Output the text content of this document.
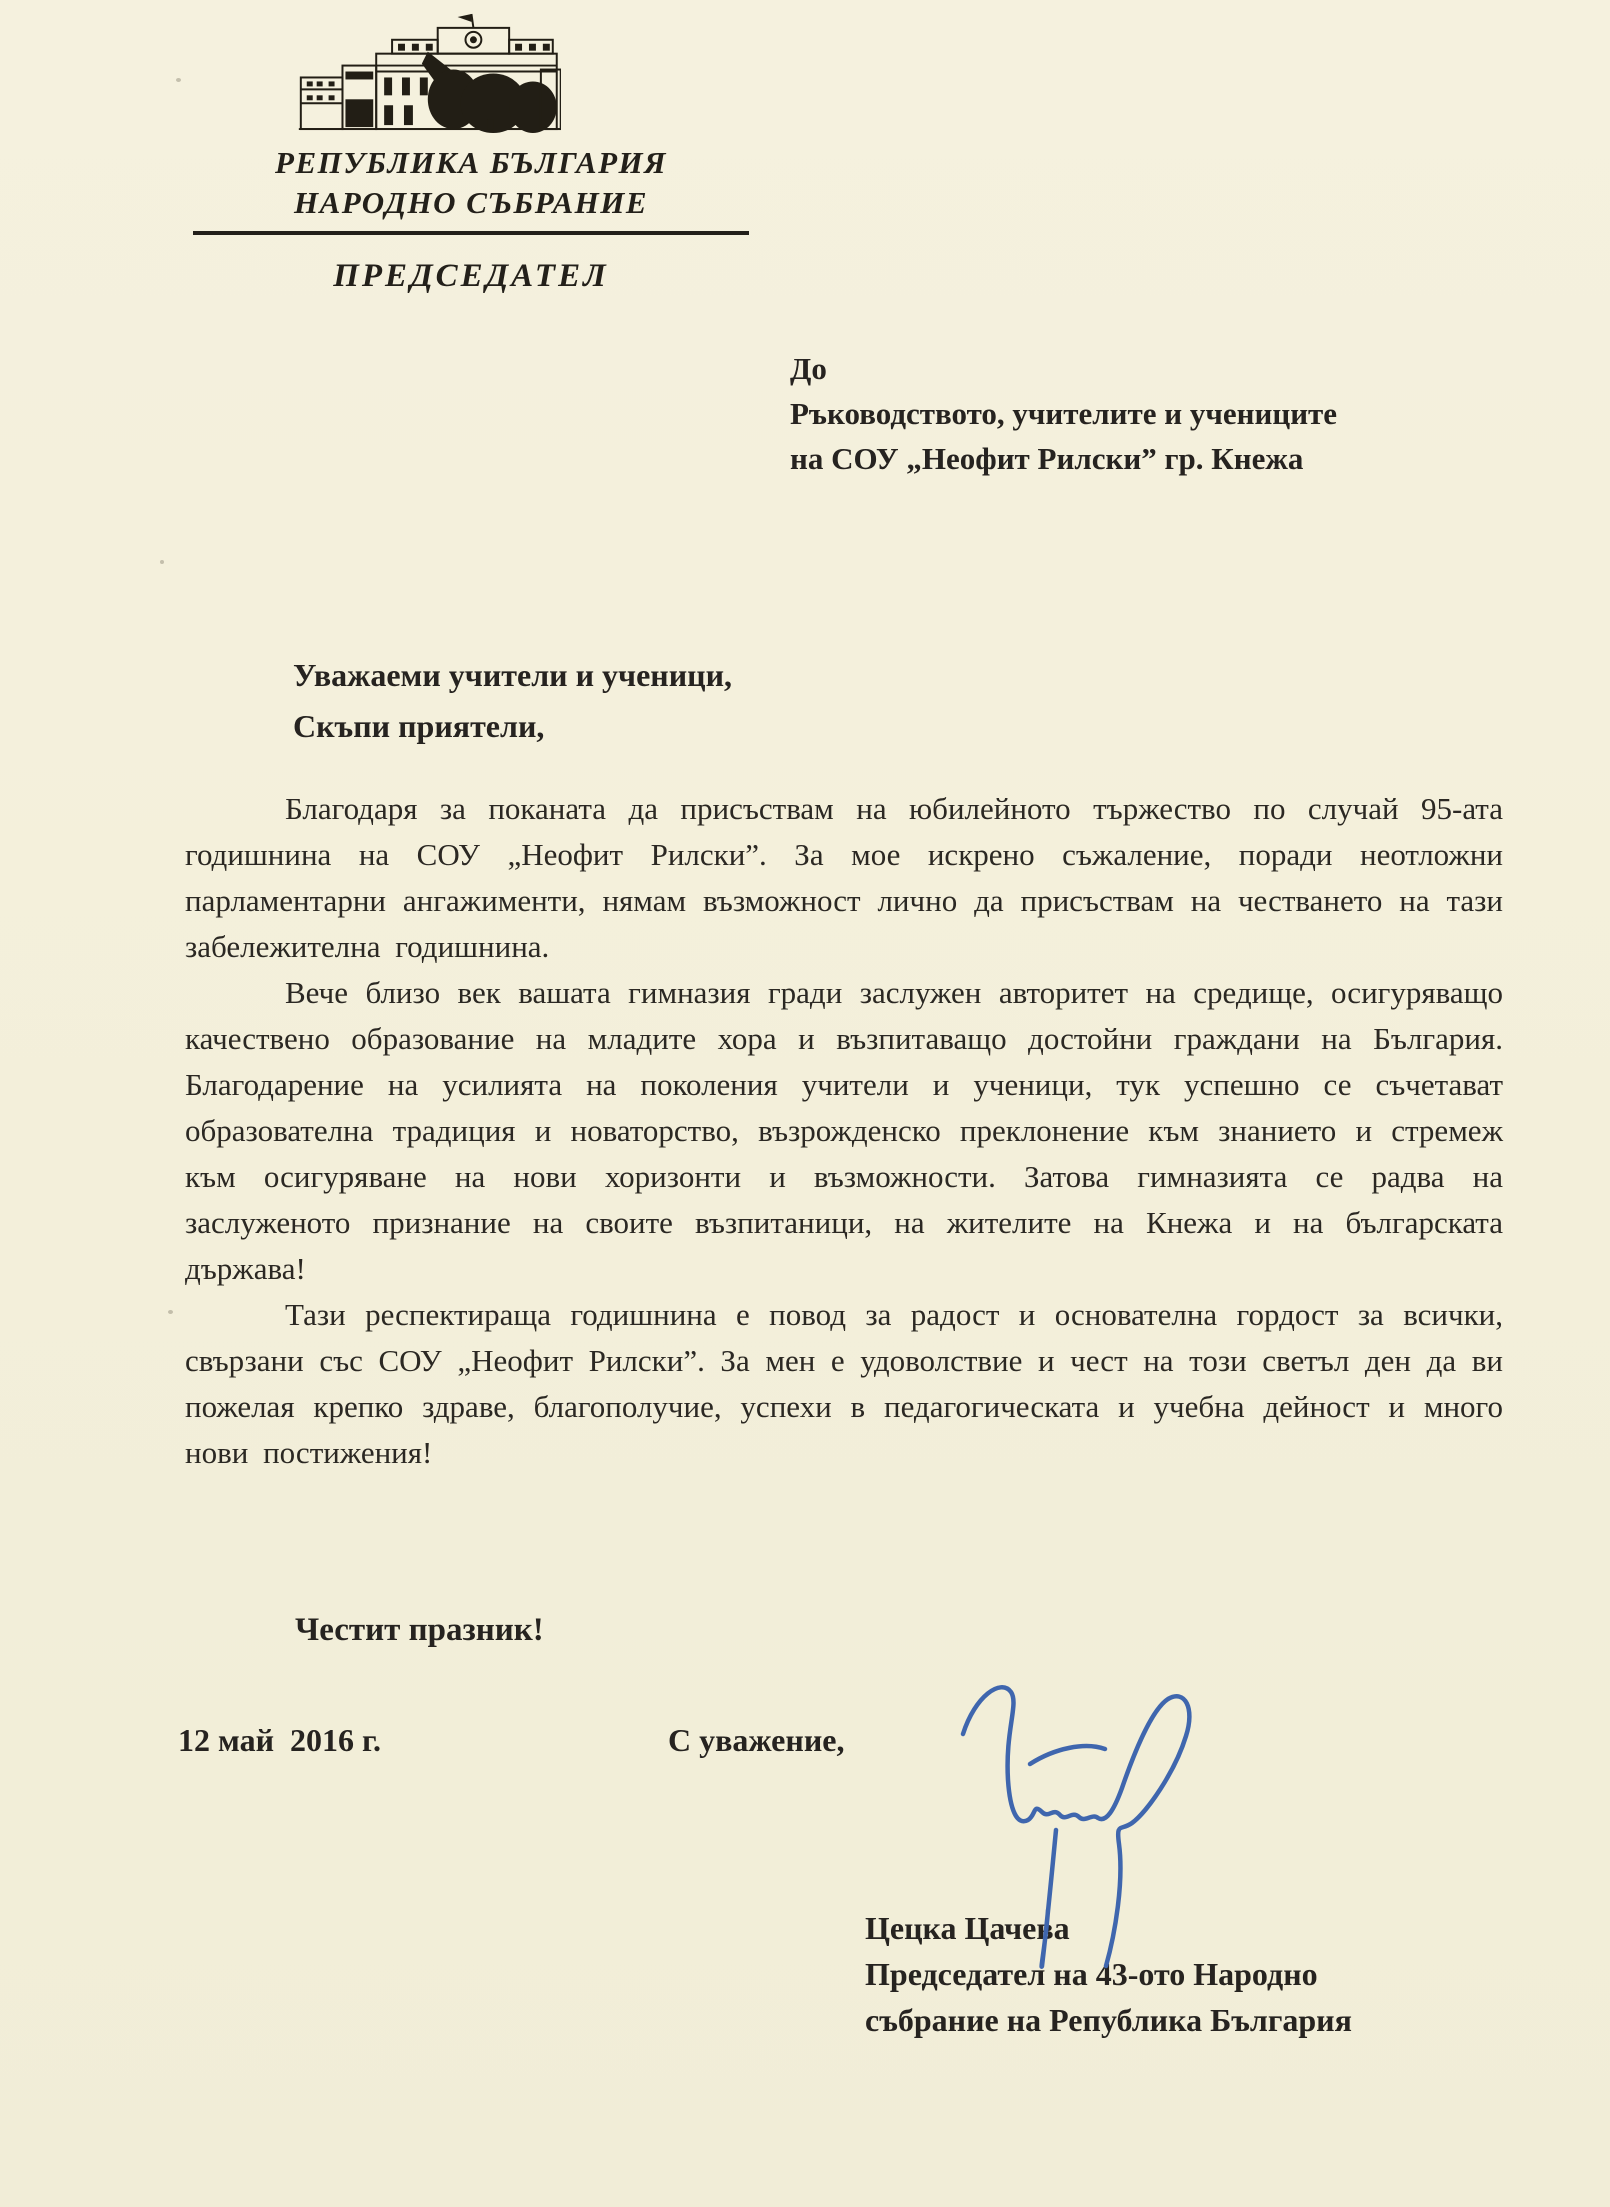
РЕПУБЛИКА БЪЛГАРИЯ
НАРОДНО СЪБРАНИЕ
ПРЕДСЕДАТЕЛ
До
Ръководството, учителите и учениците
на СОУ „Неофит Рилски” гр. Кнежа
Уважаеми учители и ученици,
Скъпи приятели,

Благодаря за поканата да присъствам на юбилейното тържество по случай 95-ата годишнина на СОУ „Неофит Рилски”. За мое искрено съжаление, поради неотложни парламентарни ангажименти, нямам възможност лично да присъствам на честването на тази забележителна годишнина.

Вече близо век вашата гимназия гради заслужен авторитет на средище, осигуряващо качествено образование на младите хора и възпитаващо достойни граждани на България. Благодарение на усилията на поколения учители и ученици, тук успешно се съчетават образователна традиция и новаторство, възрожденско преклонение към знанието и стремеж към осигуряване на нови хоризонти и възможности. Затова гимназията се радва на заслуженото признание на своите възпитаници, на жителите на Кнежа и на българската държава!

Тази респектираща годишнина е повод за радост и основателна гордост за всички, свързани със СОУ „Неофит Рилски”. За мен е удоволствие и чест на този светъл ден да ви пожелая крепко здраве, благополучие, успехи в педагогическата и учебна дейност и много нови постижения!

Честит празник!
12 май  2016 г.	С уважение,
Цецка Цачева
Председател на 43-ото Народно
събрание на Република България
